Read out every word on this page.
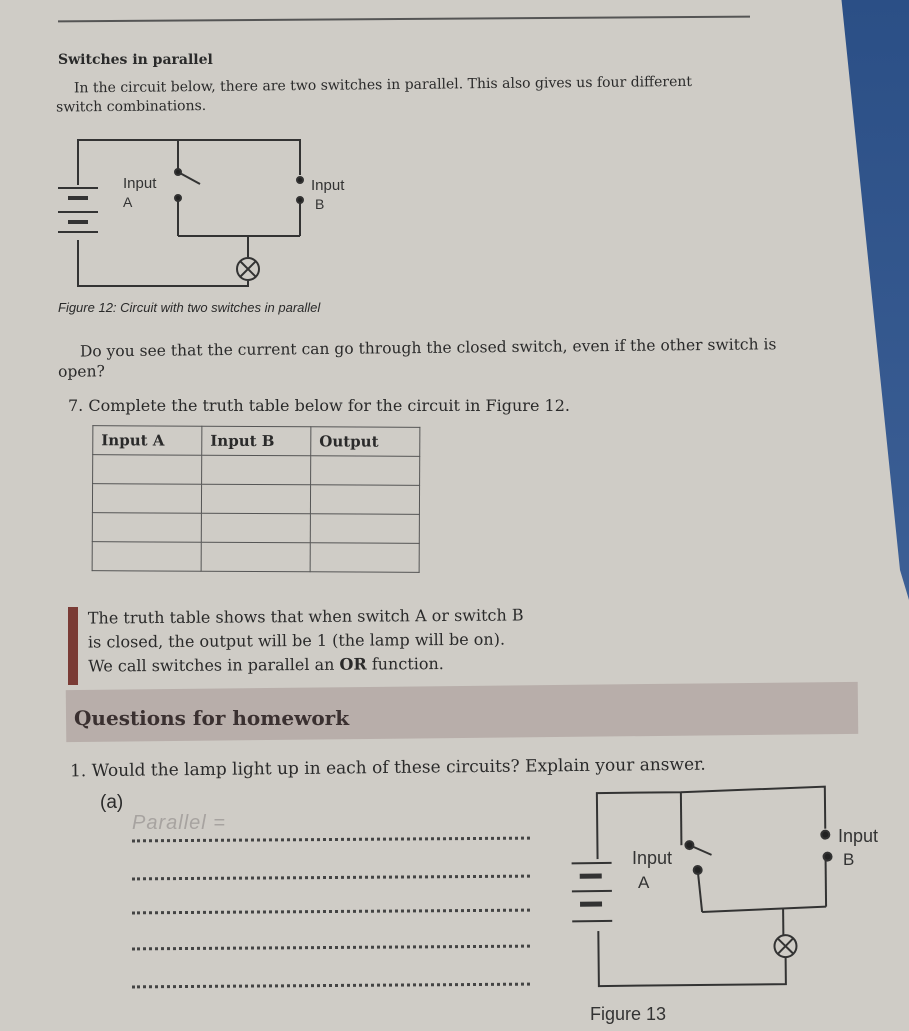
Switches in parallel

In the circuit below, there are two switches in parallel. This also gives us four different switch combinations.

Input
A
Input
B
Input
A
Input
B
Figure 13

Figure 12: Circuit with two switches in parallel

Do you see that the current can go through the closed switch, even if the other switch is open?

7. Complete the truth table below for the circuit in Figure 12.

Input A	Input B	Output

The truth table shows that when switch A or switch B
is closed, the output will be 1 (the lamp will be on).
We call switches in parallel an OR function.
Questions for homework

1. Would the lamp light up in each of these circuits? Explain your answer.

(a)

Parallel =
